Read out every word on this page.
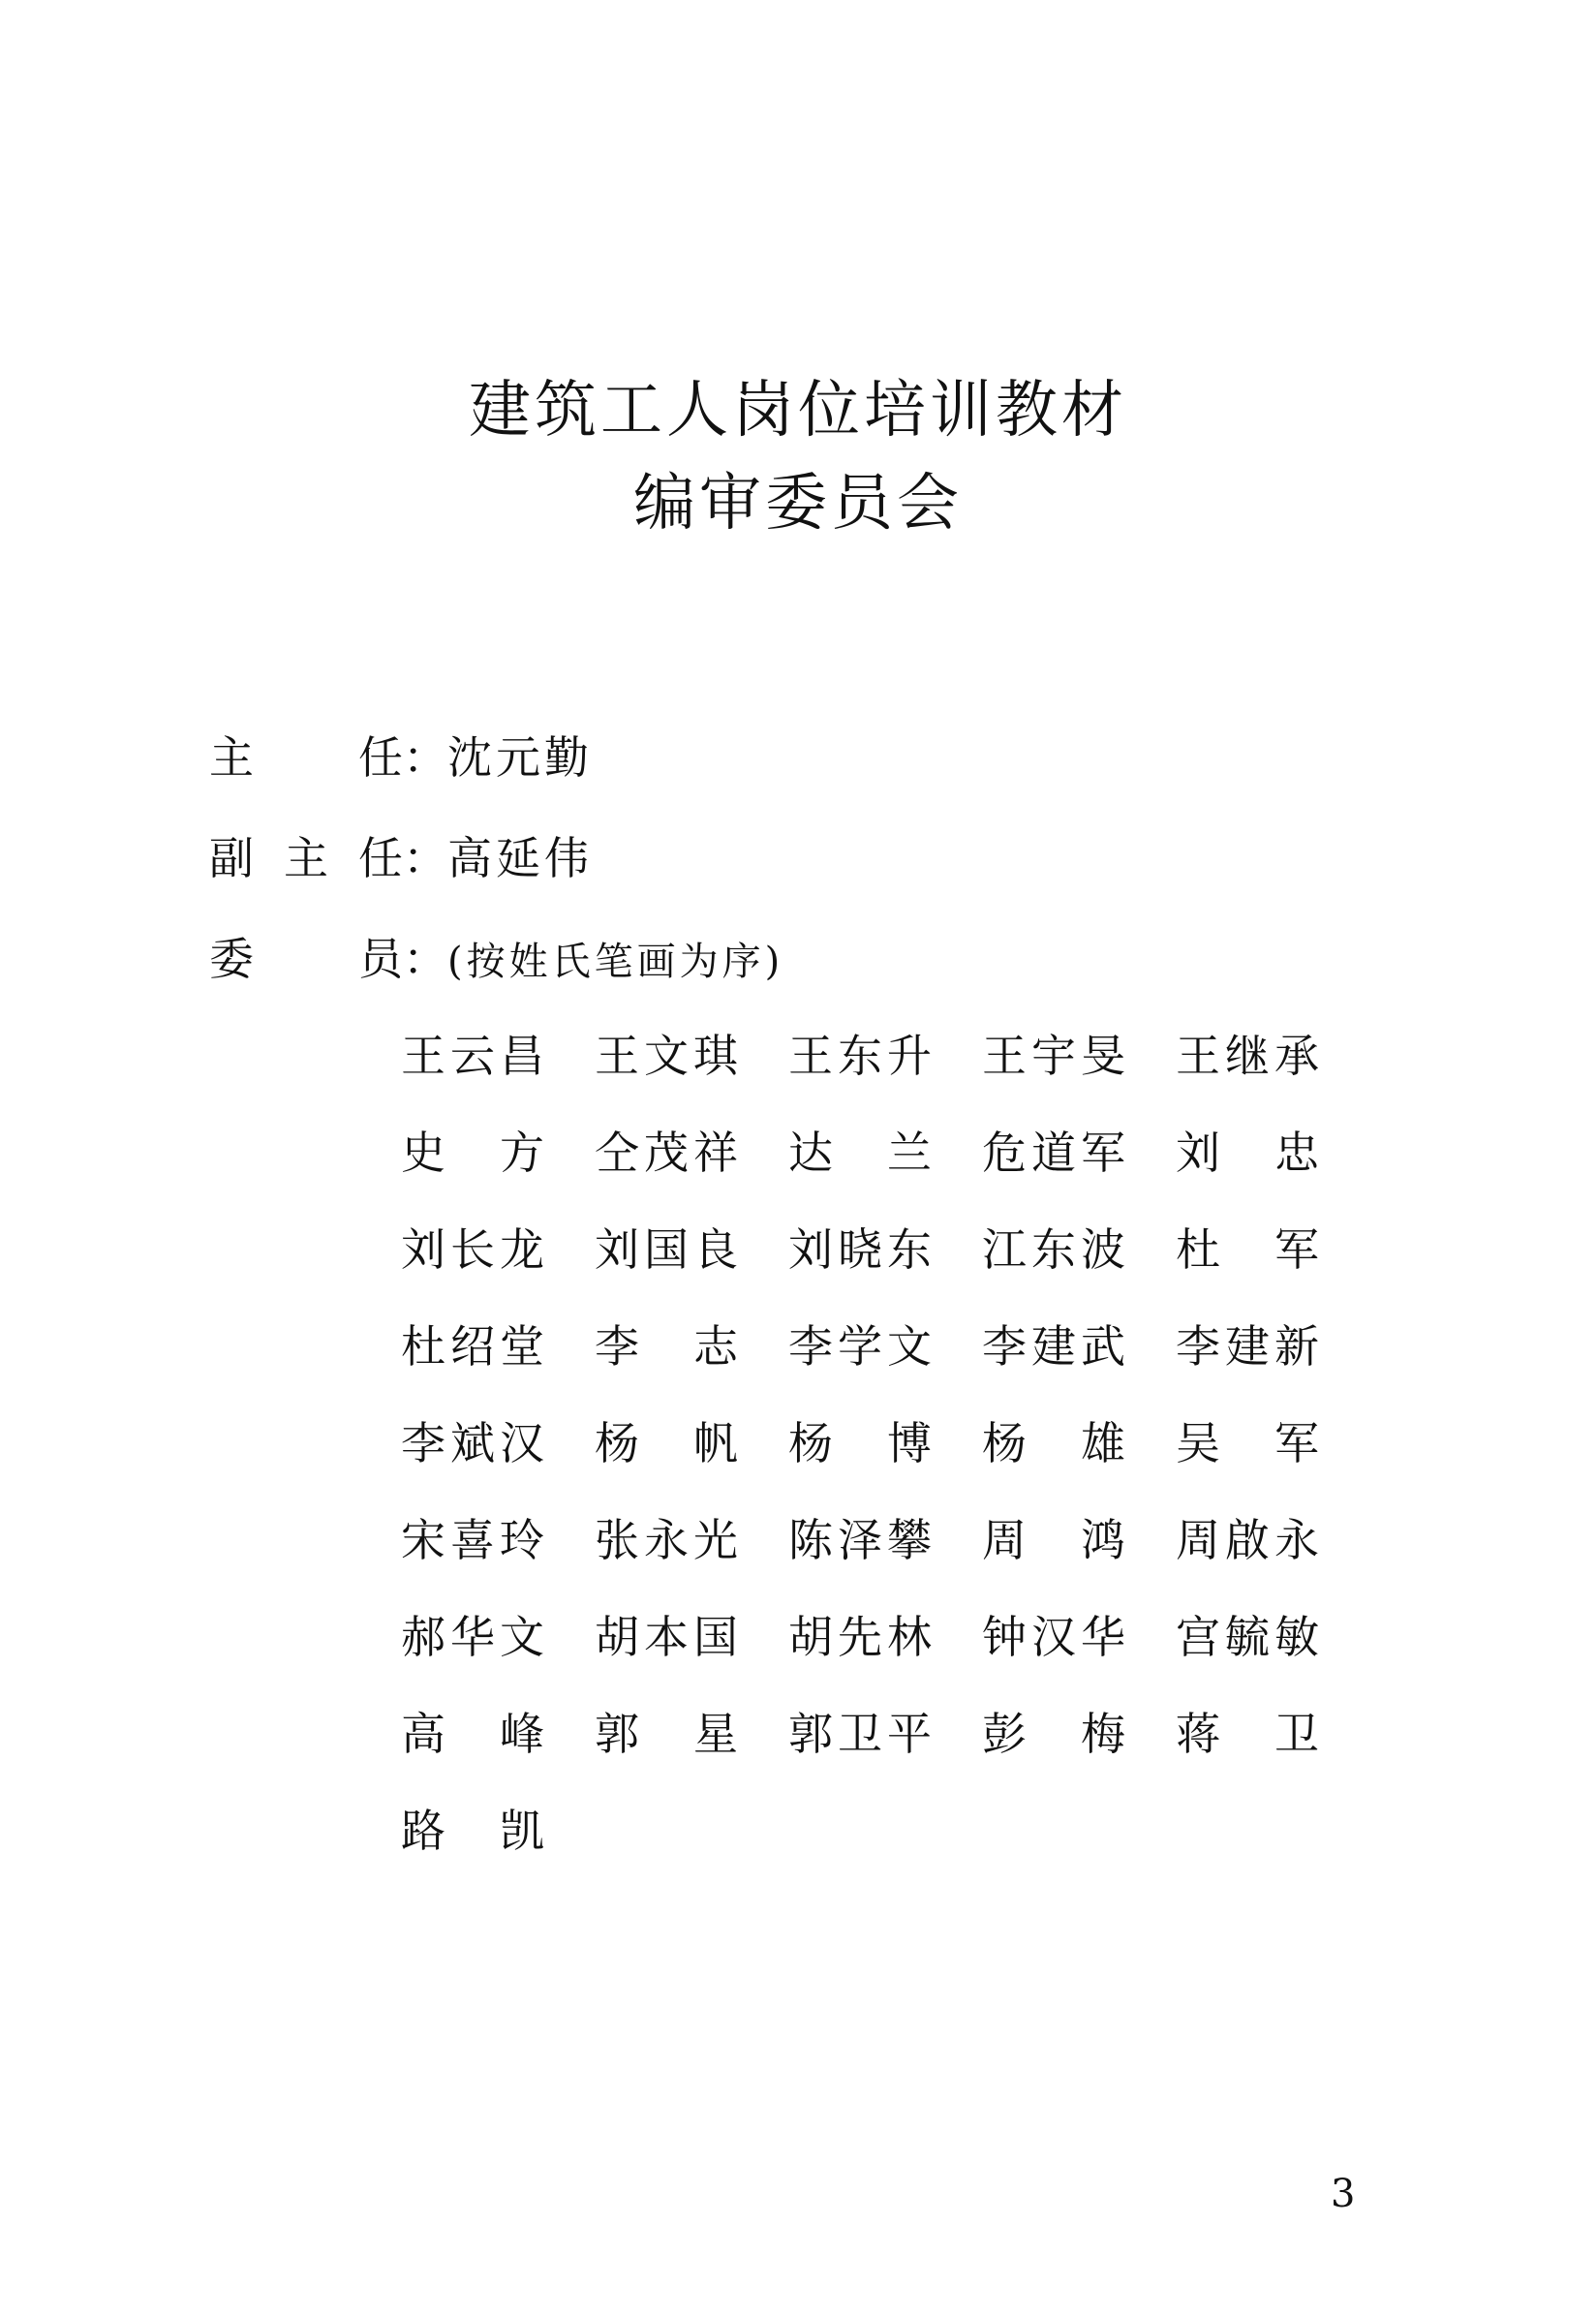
建筑工人岗位培训教材
编审委员会
主　任 ： 沈元勤
副主任 ： 高延伟
委　员 ： (按姓氏笔画为序)
王云昌 王文琪 王东升 王宇旻 王继承
史　方 仝茂祥 达　兰 危道军 刘　忠
刘长龙 刘国良 刘晓东 江东波 杜　军
杜绍堂 李　志 李学文 李建武 李建新
李斌汉 杨　帆 杨　博 杨　雄 吴　军
宋喜玲 张永光 陈泽攀 周　鸿 周啟永
郝华文 胡本国 胡先林 钟汉华 宫毓敏
高　峰 郭　星 郭卫平 彭　梅 蒋　卫
路　凯
3
